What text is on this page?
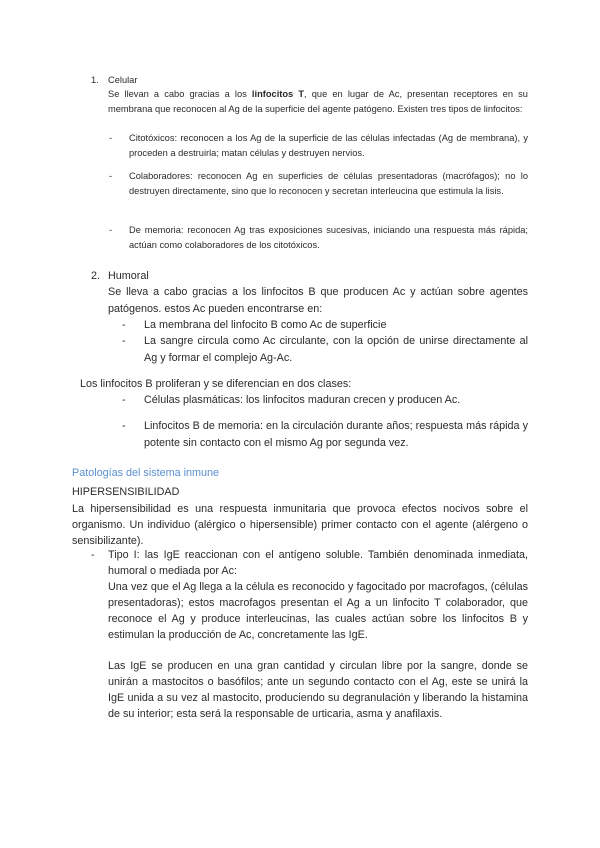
1. Celular

Se llevan a cabo gracias a los linfocitos T, que en lugar de Ac, presentan receptores en su membrana que reconocen al Ag de la superficie del agente patógeno. Existen tres tipos de linfocitos:

- Citotóxicos: reconocen a los Ag de la superficie de las células infectadas (Ag de membrana), y proceden a destruirla; matan células y destruyen nervios.
- Colaboradores: reconocen Ag en superficies de células presentadoras (macrófagos); no lo destruyen directamente, sino que lo reconocen y secretan interleucina que estimula la lisis.
- De memoria: reconocen Ag tras exposiciones sucesivas, iniciando una respuesta más rápida; actúan como colaboradores de los citotóxicos.
2. Humoral

Se lleva a cabo gracias a los linfocitos B que producen Ac y actúan sobre agentes patógenos. estos Ac pueden encontrarse en:

- La membrana del linfocito B como Ac de superficie
- La sangre circula como Ac circulante, con la opción de unirse directamente al Ag y formar el complejo Ag-Ac.

Los linfocitos B proliferan y se diferencian en dos clases:

- Células plasmáticas: los linfocitos maduran crecen y producen Ac.
- Linfocitos B de memoria: en la circulación durante años; respuesta más rápida y potente sin contacto con el mismo Ag por segunda vez.
Patologías del sistema inmune
HIPERSENSIBILIDAD

La hipersensibilidad es una respuesta inmunitaria que provoca efectos nocivos sobre el organismo. Un individuo (alérgico o hipersensible) primer contacto con el agente (alérgeno o sensibilizante).

- Tipo I: las IgE reaccionan con el antígeno soluble. También denominada inmediata, humoral o mediada por Ac:

Una vez que el Ag llega a la célula es reconocido y fagocitado por macrofagos, (células presentadoras); estos macrofagos presentan el Ag a un linfocito T colaborador, que reconoce el Ag y produce interleucinas, las cuales actúan sobre los linfocitos B y estimulan la producción de Ac, concretamente las IgE.

Las IgE se producen en una gran cantidad y circulan libre por la sangre, donde se unirán a mastocitos o basófilos; ante un segundo contacto con el Ag, este se unirá la IgE unida a su vez al mastocito, produciendo su degranulación y liberando la histamina de su interior; esta será la responsable de urticaria, asma y anafilaxis.
